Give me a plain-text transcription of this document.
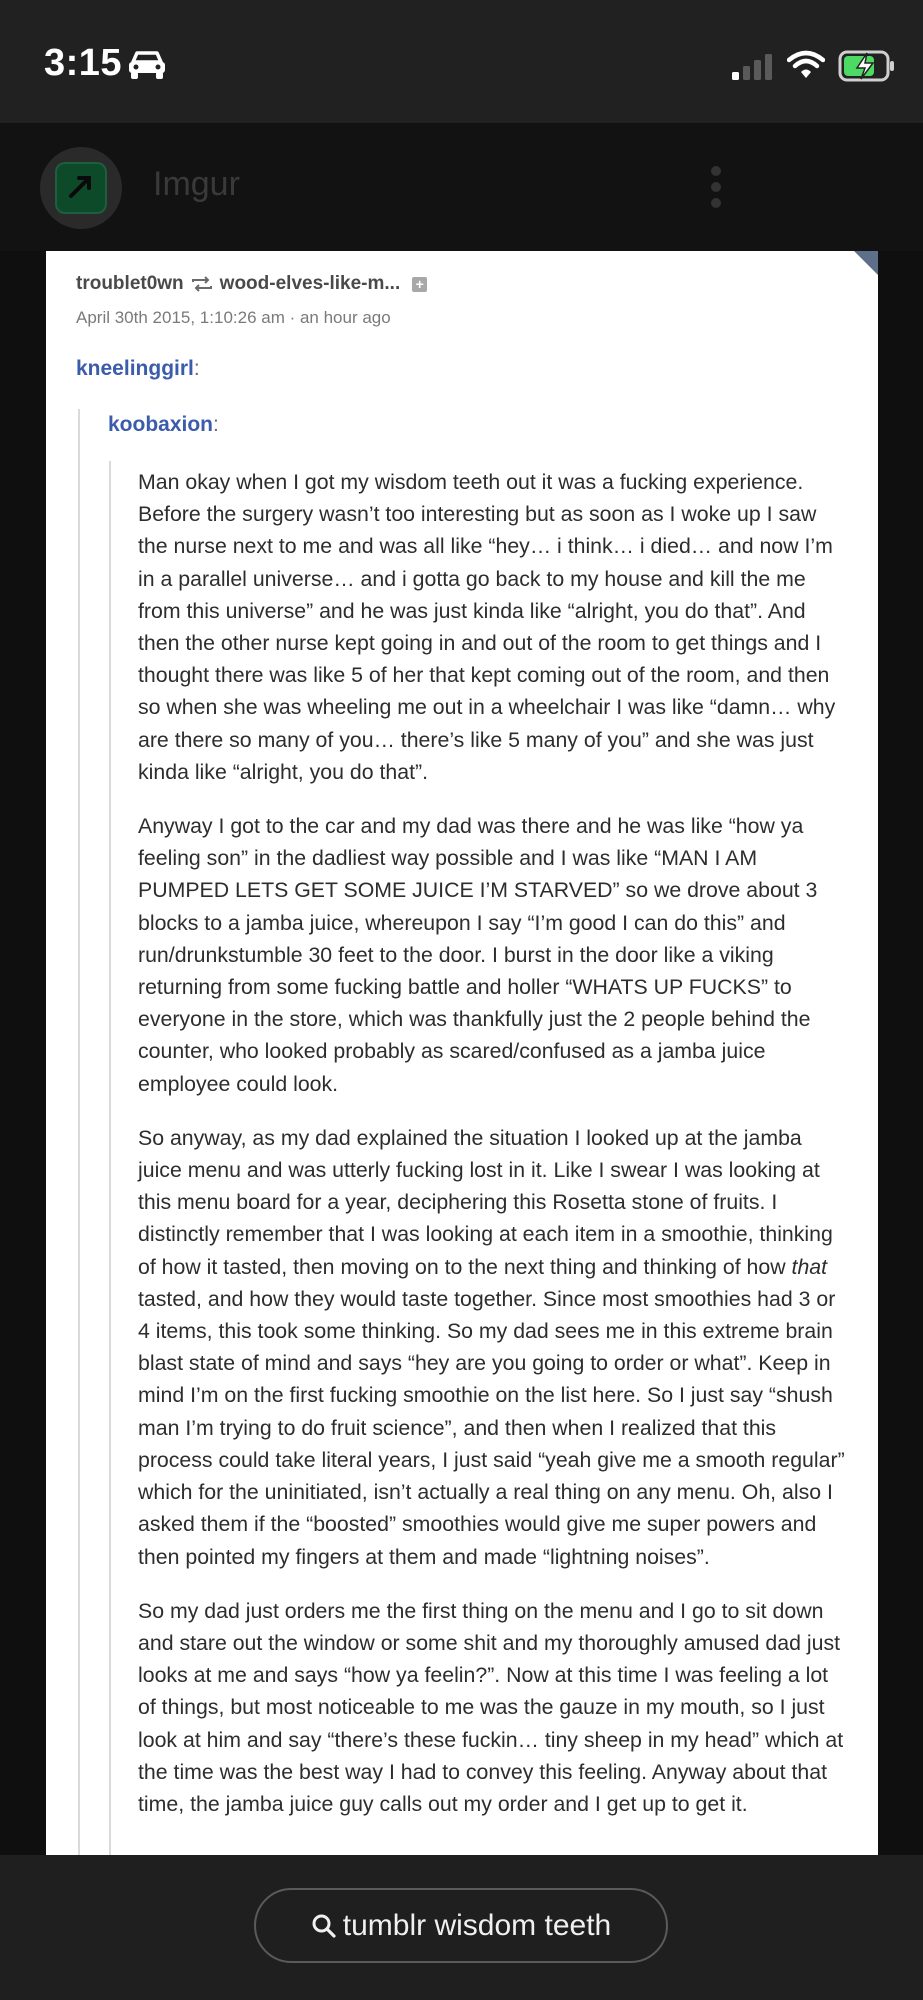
3:15
Imgur
troublet0wn wood-elves-like-m... +
April 30th 2015, 1:10:26 am · an hour ago
kneelinggirl:
koobaxion:

Man okay when I got my wisdom teeth out it was a fucking experience. Before the surgery wasn’t too interesting but as soon as I woke up I saw the nurse next to me and was all like “hey… i think… i died… and now I’m in a parallel universe… and i gotta go back to my house and kill the me from this universe” and he was just kinda like “alright, you do that”. And then the other nurse kept going in and out of the room to get things and I thought there was like 5 of her that kept coming out of the room, and then so when she was wheeling me out in a wheelchair I was like “damn… why are there so many of you… there’s like 5 many of you” and she was just kinda like “alright, you do that”.

Anyway I got to the car and my dad was there and he was like “how ya feeling son” in the dadliest way possible and I was like “MAN I AM PUMPED LETS GET SOME JUICE I’M STARVED” so we drove about 3 blocks to a jamba juice, whereupon I say “I’m good I can do this” and run/drunkstumble 30 feet to the door. I burst in the door like a viking returning from some fucking battle and holler “WHATS UP FUCKS” to everyone in the store, which was thankfully just the 2 people behind the counter, who looked probably as scared/confused as a jamba juice employee could look.

So anyway, as my dad explained the situation I looked up at the jamba juice menu and was utterly fucking lost in it. Like I swear I was looking at this menu board for a year, deciphering this Rosetta stone of fruits. I distinctly remember that I was looking at each item in a smoothie, thinking of how it tasted, then moving on to the next thing and thinking of how that tasted, and how they would taste together. Since most smoothies had 3 or 4 items, this took some thinking. So my dad sees me in this extreme brain blast state of mind and says “hey are you going to order or what”. Keep in mind I’m on the first fucking smoothie on the list here. So I just say “shush man I’m trying to do fruit science”, and then when I realized that this process could take literal years, I just said “yeah give me a smooth regular” which for the uninitiated, isn’t actually a real thing on any menu. Oh, also I asked them if the “boosted” smoothies would give me super powers and then pointed my fingers at them and made “lightning noises”.

So my dad just orders me the first thing on the menu and I go to sit down and stare out the window or some shit and my thoroughly amused dad just looks at me and says “how ya feelin?”. Now at this time I was feeling a lot of things, but most noticeable to me was the gauze in my mouth, so I just look at him and say “there’s these fuckin… tiny sheep in my head” which at the time was the best way I had to convey this feeling. Anyway about that time, the jamba juice guy calls out my order and I get up to get it.

tumblr wisdom teeth
